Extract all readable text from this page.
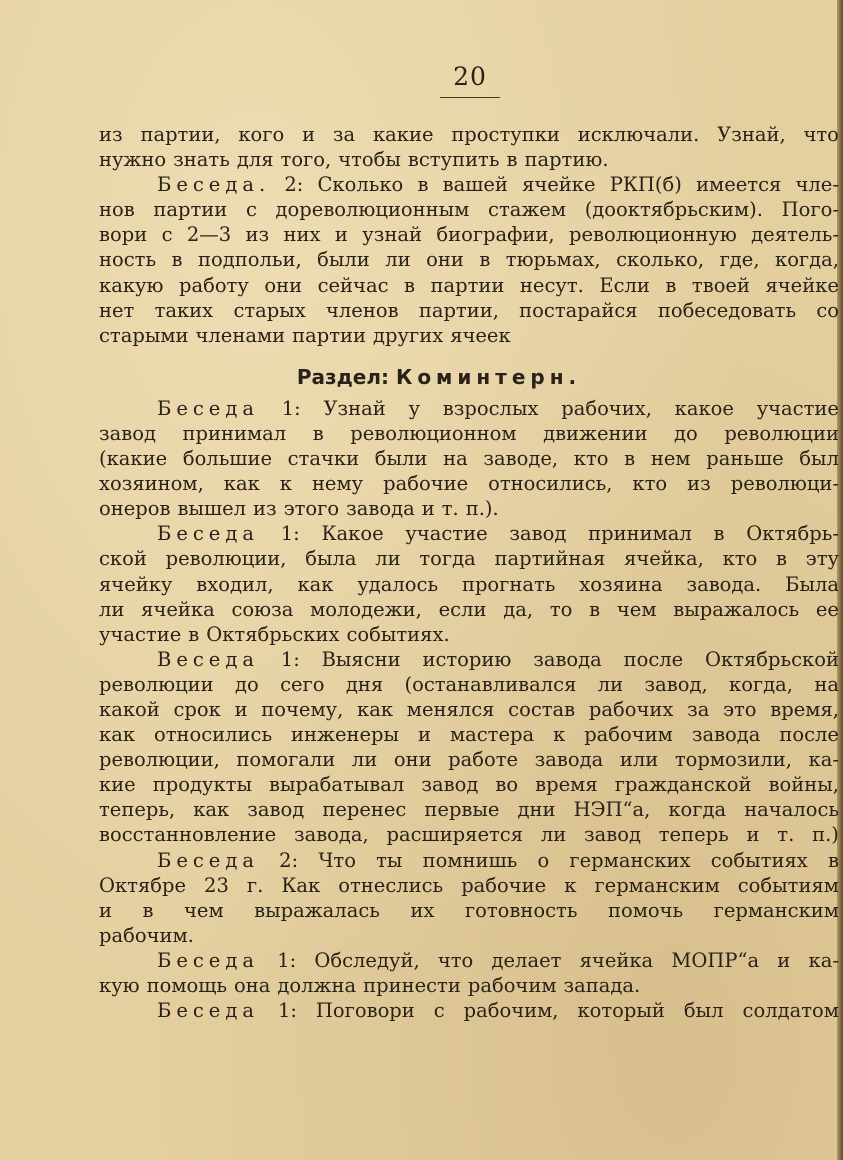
20
из партии, кого и за какие проступки исключали. Узнай, что
нужно знать для того, чтобы вступить в партию.
Беседа. 2: Сколько в вашей ячейке РКП(б) имеется чле-
нов партии с дореволюционным стажем (дооктябрьским). Пого-
вори с 2—3 из них и узнай биографии, революционную деятель-
ность в подпольи, были ли они в тюрьмах, сколько, где, когда,
какую работу они сейчас в партии несут. Если в твоей ячейке
нет таких старых членов партии, постарайся побеседовать со
старыми членами партии других ячеек
Раздел:
Коминтерн.
Беседа 1: Узнай у взрослых рабочих, какое участие
завод принимал в революционном движении до революции
(какие большие стачки были на заводе, кто в нем раньше был
хозяином, как к нему рабочие относились, кто из революци-
онеров вышел из этого завода и т. п.).
Беседа 1: Какое участие завод принимал в Октябрь-
ской революции, была ли тогда партийная ячейка, кто в эту
ячейку входил, как удалось прогнать хозяина завода. Была
ли ячейка союза молодежи, если да, то в чем выражалось ее
участие в Октябрьских событиях.
Веседа 1: Выясни историю завода после Октябрьской
революции до сего дня (останавливался ли завод, когда, на
какой срок и почему, как менялся состав рабочих за это время,
как относились инженеры и мастера к рабочим завода после
революции, помогали ли они работе завода или тормозили, ка-
кие продукты вырабатывал завод во время гражданской войны,
теперь, как завод перенес первые дни НЭП“а, когда началось
восстанновление завода, расширяется ли завод теперь и т. п.)
Беседа 2: Что ты помнишь о германских событиях в
Октябре 23 г. Как отнеслись рабочие к германским событиям
и в чем выражалась их готовность помочь германским
рабочим.
Беседа 1: Обследуй, что делает ячейка МОПР“а и ка-
кую помощь она должна принести рабочим запада.
Беседа 1: Поговори с рабочим, который был солдатом
